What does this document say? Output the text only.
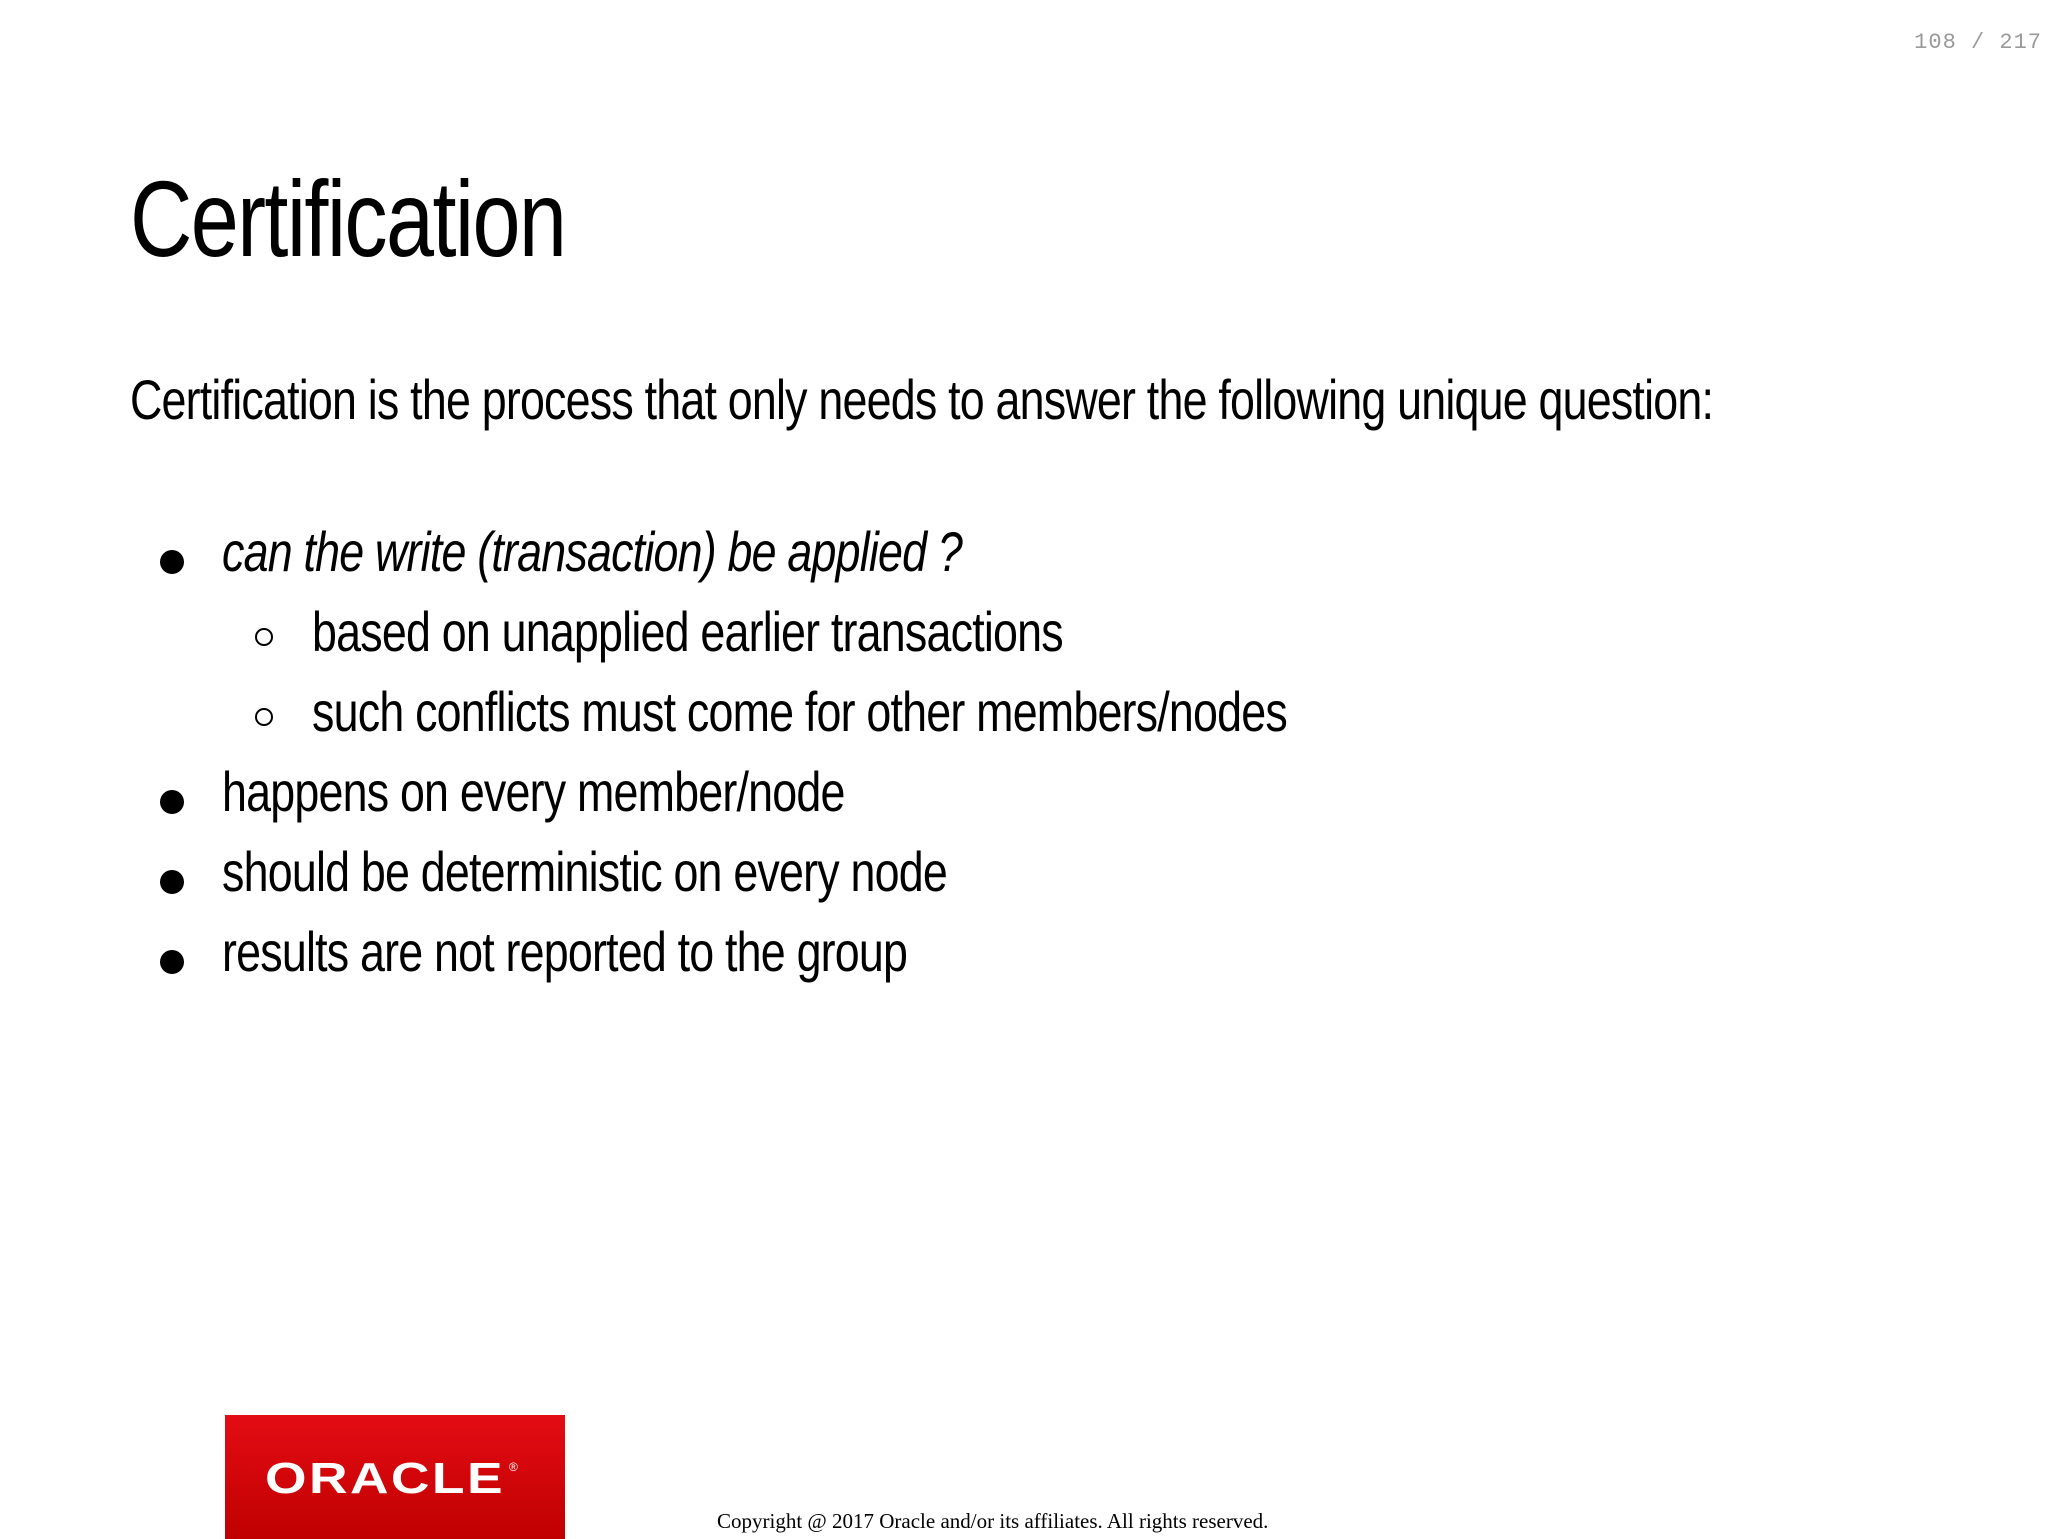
108 / 217
Certification
Certification is the process that only needs to answer the following unique question:
can the write (transaction) be applied ?
based on unapplied earlier transactions
such conflicts must come for other members/nodes
happens on every member/node
should be deterministic on every node
results are not reported to the group
ORACLE ®
Copyright @ 2017 Oracle and/or its affiliates. All rights reserved.
